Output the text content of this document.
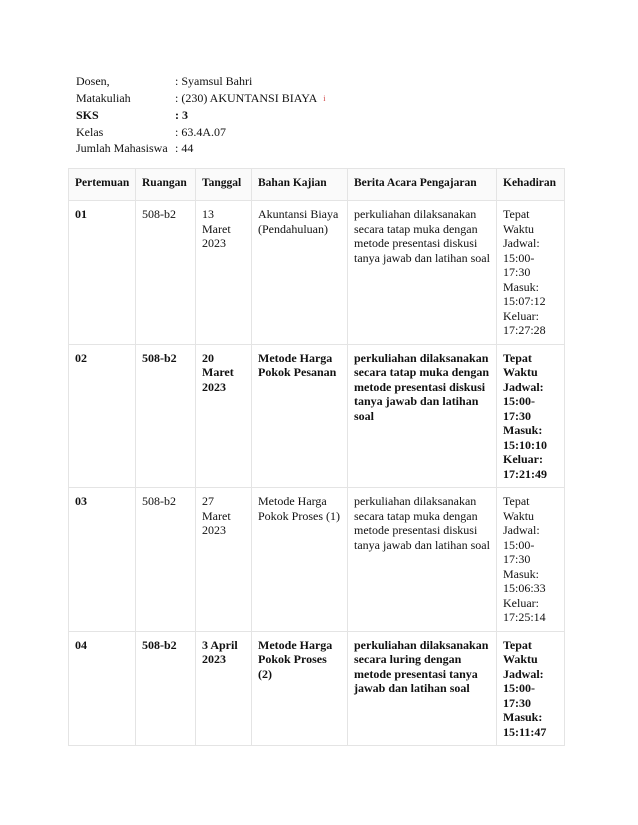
Dosen,	: Syamsul Bahri
Matakuliah	: (230) AKUNTANSI BIAYA i
SKS	: 3
Kelas	: 63.4A.07
Jumlah Mahasiswa : 44
Pertemuan	Ruangan	Tanggal	Bahan Kajian	Berita Acara Pengajaran	Kehadiran
01	508-b2	13 Maret 2023	Akuntansi Biaya (Pendahuluan)	perkuliahan dilaksanakan secara tatap muka dengan metode presentasi diskusi tanya jawab dan latihan soal	Tepat Waktu
Jadwal: 15:00-17:30
Masuk: 15:07:12
Keluar: 17:27:28

02	508-b2	20 Maret 2023	Metode Harga Pokok Pesanan	perkuliahan dilaksanakan secara tatap muka dengan metode presentasi diskusi tanya jawab dan latihan soal	Tepat Waktu
Jadwal: 15:00-17:30
Masuk: 15:10:10
Keluar: 17:21:49

03	508-b2	27 Maret 2023	Metode Harga Pokok Proses (1)	perkuliahan dilaksanakan secara tatap muka dengan metode presentasi diskusi tanya jawab dan latihan soal	Tepat Waktu
Jadwal: 15:00-17:30
Masuk: 15:06:33
Keluar: 17:25:14

04	508-b2	3 April 2023	Metode Harga Pokok Proses (2)	perkuliahan dilaksanakan secara luring dengan metode presentasi tanya jawab dan latihan soal	Tepat Waktu
Jadwal: 15:00-17:30
Masuk: 15:11:47
